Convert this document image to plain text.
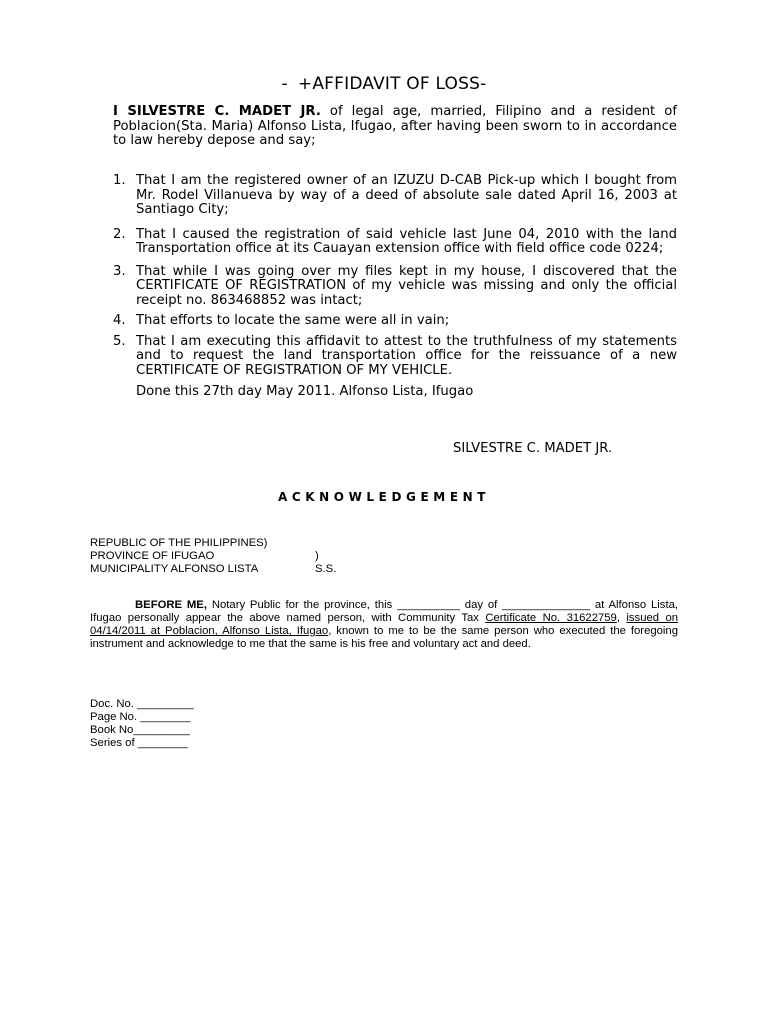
- +AFFIDAVIT OF LOSS-
I SILVESTRE C. MADET JR. of legal age, married, Filipino and a resident of Poblacion(Sta. Maria) Alfonso Lista, Ifugao, after having been sworn to in accordance to law hereby depose and say;
1. That I am the registered owner of an IZUZU D-CAB Pick-up which I bought from Mr. Rodel Villanueva by way of a deed of absolute sale dated April 16, 2003 at Santiago City;
2. That I caused the registration of said vehicle last June 04, 2010 with the land Transportation office at its Cauayan extension office with field office code 0224;
3. That while I was going over my files kept in my house, I discovered that the CERTIFICATE OF REGISTRATION of my vehicle was missing and only the official receipt no. 863468852 was intact;
4. That efforts to locate the same were all in vain;
5. That I am executing this affidavit to attest to the truthfulness of my statements and to request the land transportation office for the reissuance of a new CERTIFICATE OF REGISTRATION OF MY VEHICLE.
Done this 27th day May 2011. Alfonso Lista, Ifugao
SILVESTRE C. MADET JR.
ACKNOWLEDGEMENT
REPUBLIC OF THE PHILIPPINES)
PROVINCE OF IFUGAO	) S.S.
MUNICIPALITY ALFONSO LISTA
BEFORE ME, Notary Public for the province, this __________ day of ______________ at Alfonso Lista, Ifugao personally appear the above named person, with Community Tax Certificate No. 31622759, issued on 04/14/2011 at Poblacion, Alfonso Lista, Ifugao, known to me to be the same person who executed the foregoing instrument and acknowledge to me that the same is his free and voluntary act and deed.
Doc. No. _________
Page No. ________
Book No_________
Series of ________
